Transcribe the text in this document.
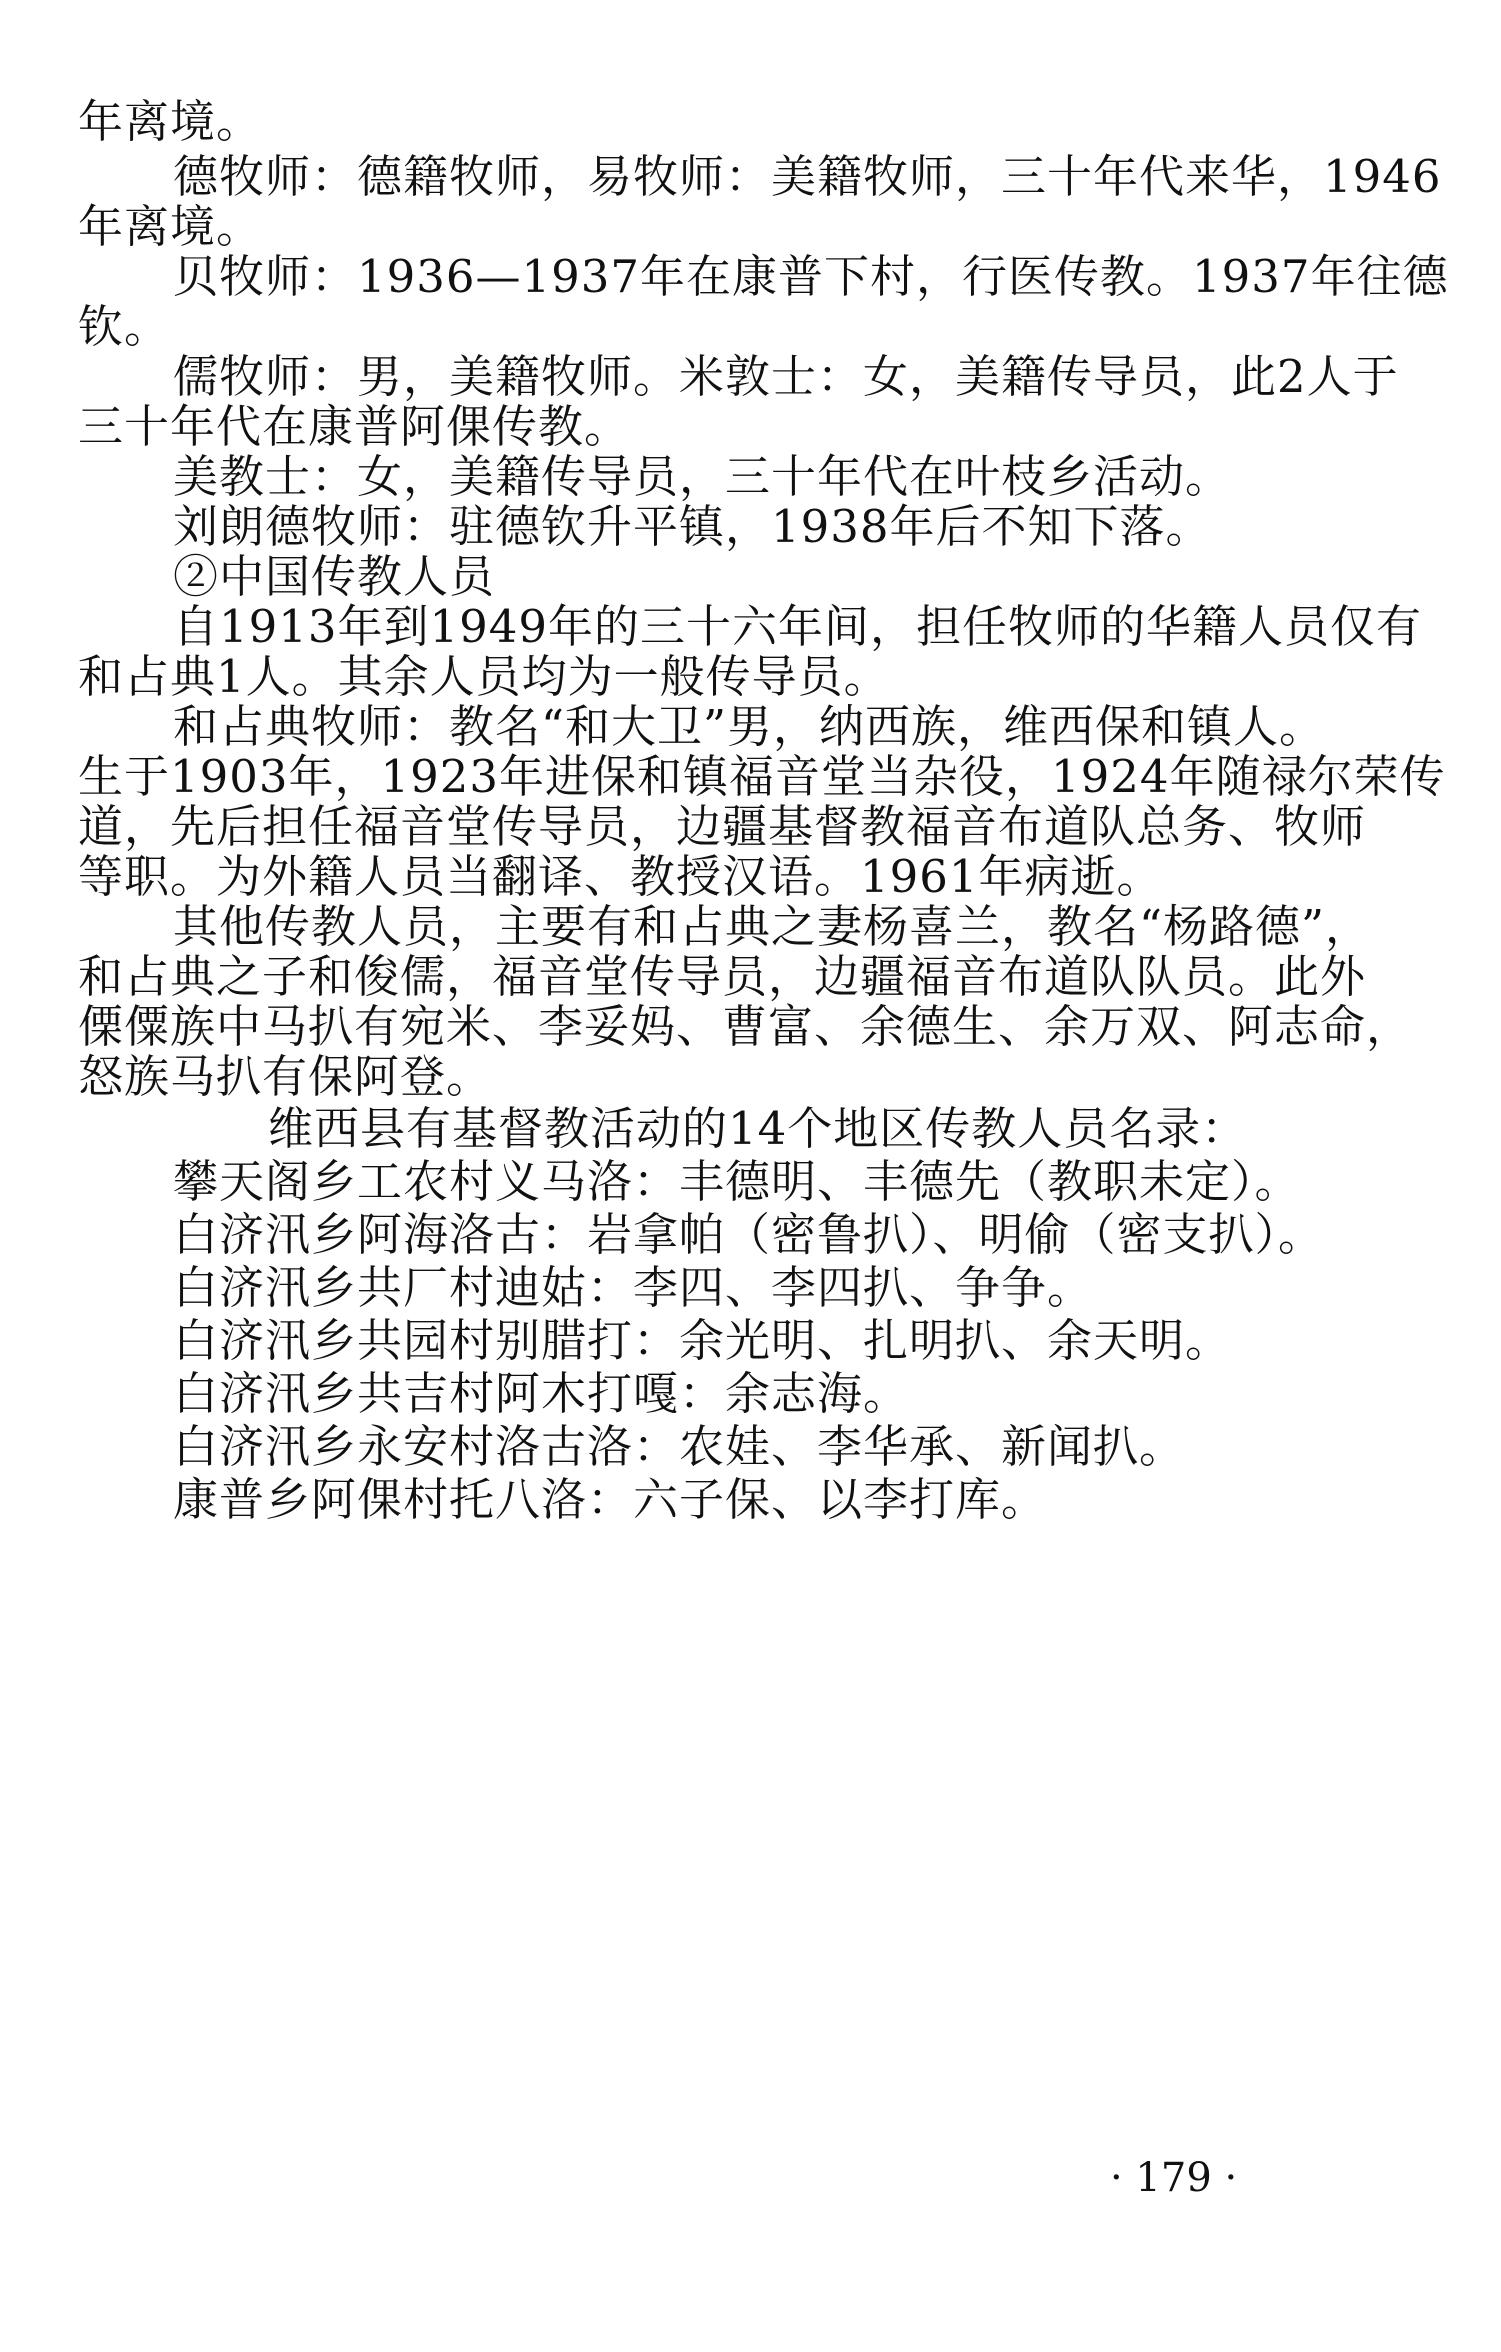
年离境。
德牧师：德籍牧师，易牧师：美籍牧师，三十年代来华，1946
年离境。
贝牧师：1936—1937年在康普下村，行医传教。1937年往德
钦。
儒牧师：男，美籍牧师。米敦士：女，美籍传导员，此2人于
三十年代在康普阿倮传教。
美教士：女，美籍传导员，三十年代在叶枝乡活动。
刘朗德牧师：驻德钦升平镇，1938年后不知下落。
②中国传教人员
自1913年到1949年的三十六年间，担任牧师的华籍人员仅有
和占典1人。其余人员均为一般传导员。
和占典牧师：教名“和大卫”男，纳西族，维西保和镇人。
生于1903年，1923年进保和镇福音堂当杂役，1924年随禄尔荣传
道，先后担任福音堂传导员，边疆基督教福音布道队总务、牧师
等职。为外籍人员当翻译、教授汉语。1961年病逝。
其他传教人员，主要有和占典之妻杨喜兰，教名“杨路德”，
和占典之子和俊儒，福音堂传导员，边疆福音布道队队员。此外
傈僳族中马扒有宛米、李妥妈、曹富、余德生、余万双、阿志命，
怒族马扒有保阿登。
维西县有基督教活动的14个地区传教人员名录：
攀天阁乡工农村义马洛：丰德明、丰德先（教职未定）。
白济汛乡阿海洛古：岩拿帕（密鲁扒）、明偷（密支扒）。
白济汛乡共厂村迪姑：李四、李四扒、争争。
白济汛乡共园村别腊打：余光明、扎明扒、余天明。
白济汛乡共吉村阿木打嘎：余志海。
白济汛乡永安村洛古洛：农娃、李华承、新闻扒。
康普乡阿倮村托八洛：六子保、以李打库。
· 179 ·
